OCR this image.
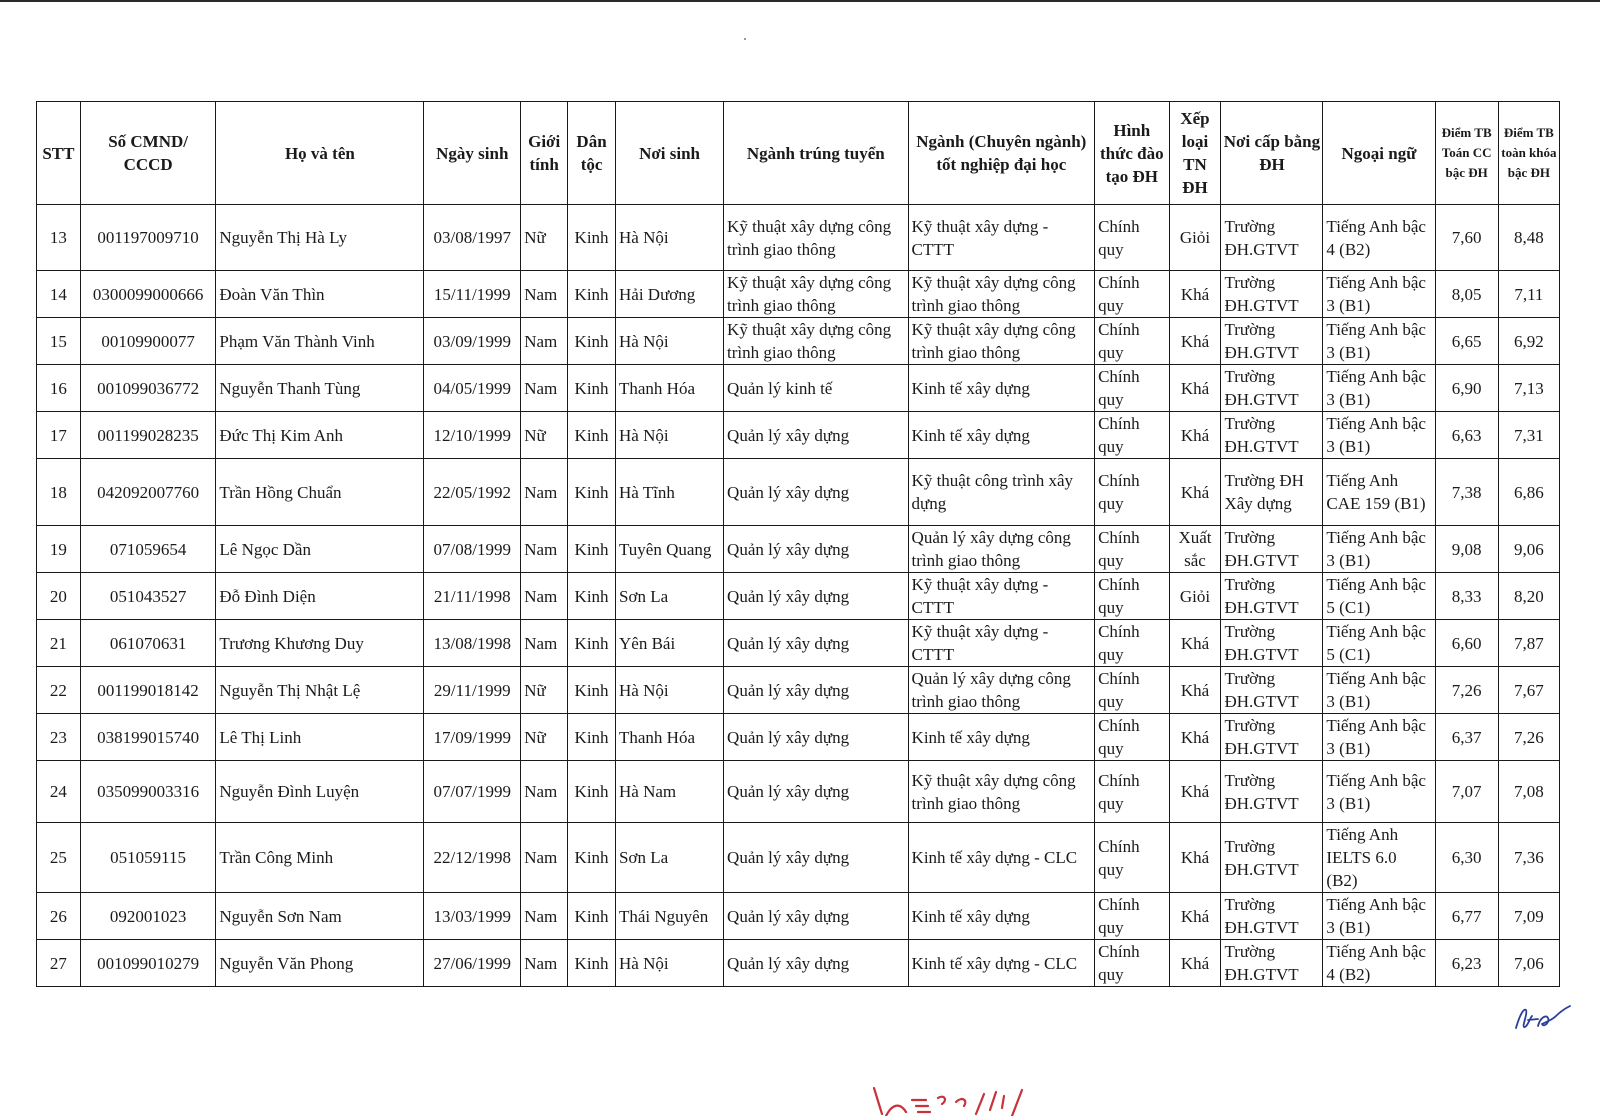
STT	Số CMND/ CCCD	Họ và tên	Ngày sinh	Giới tính	Dân tộc	Nơi sinh	Ngành trúng tuyển	Ngành (Chuyên ngành) tốt nghiệp đại học	Hình thức đào tạo ĐH	Xếp loại TN ĐH	Nơi cấp bằng ĐH	Ngoại ngữ	Điểm TB Toán CC bậc ĐH	Điểm TB toàn khóa bậc ĐH
13	001197009710	Nguyễn Thị Hà Ly	03/08/1997	Nữ	Kinh	Hà Nội	Kỹ thuật xây dựng công trình giao thông	Kỹ thuật xây dựng - CTTT	Chính quy	Giỏi	Trường ĐH.GTVT	Tiếng Anh bậc 4 (B2)	7,60	8,48
14	0300099000666	Đoàn Văn Thìn	15/11/1999	Nam	Kinh	Hải Dương	Kỹ thuật xây dựng công trình giao thông	Kỹ thuật xây dựng công trình giao thông	Chính quy	Khá	Trường ĐH.GTVT	Tiếng Anh bậc 3 (B1)	8,05	7,11
15	00109900077	Phạm Văn Thành Vinh	03/09/1999	Nam	Kinh	Hà Nội	Kỹ thuật xây dựng công trình giao thông	Kỹ thuật xây dựng công trình giao thông	Chính quy	Khá	Trường ĐH.GTVT	Tiếng Anh bậc 3 (B1)	6,65	6,92
16	001099036772	Nguyễn Thanh Tùng	04/05/1999	Nam	Kinh	Thanh Hóa	Quản lý kinh tế	Kinh tế xây dựng	Chính quy	Khá	Trường ĐH.GTVT	Tiếng Anh bậc 3 (B1)	6,90	7,13
17	001199028235	Đức Thị Kim Anh	12/10/1999	Nữ	Kinh	Hà Nội	Quản lý xây dựng	Kinh tế xây dựng	Chính quy	Khá	Trường ĐH.GTVT	Tiếng Anh bậc 3 (B1)	6,63	7,31
18	042092007760	Trần Hồng Chuẩn	22/05/1992	Nam	Kinh	Hà Tĩnh	Quản lý xây dựng	Kỹ thuật công trình xây dựng	Chính quy	Khá	Trường ĐH Xây dựng	Tiếng Anh CAE 159 (B1)	7,38	6,86
19	071059654	Lê Ngọc Dần	07/08/1999	Nam	Kinh	Tuyên Quang	Quản lý xây dựng	Quản lý xây dựng công trình giao thông	Chính quy	Xuất sắc	Trường ĐH.GTVT	Tiếng Anh bậc 3 (B1)	9,08	9,06
20	051043527	Đỗ Đình Diện	21/11/1998	Nam	Kinh	Sơn La	Quản lý xây dựng	Kỹ thuật xây dựng - CTTT	Chính quy	Giỏi	Trường ĐH.GTVT	Tiếng Anh bậc 5 (C1)	8,33	8,20
21	061070631	Trương Khương Duy	13/08/1998	Nam	Kinh	Yên Bái	Quản lý xây dựng	Kỹ thuật xây dựng - CTTT	Chính quy	Khá	Trường ĐH.GTVT	Tiếng Anh bậc 5 (C1)	6,60	7,87
22	001199018142	Nguyễn Thị Nhật Lệ	29/11/1999	Nữ	Kinh	Hà Nội	Quản lý xây dựng	Quản lý xây dựng công trình giao thông	Chính quy	Khá	Trường ĐH.GTVT	Tiếng Anh bậc 3 (B1)	7,26	7,67
23	038199015740	Lê Thị Linh	17/09/1999	Nữ	Kinh	Thanh Hóa	Quản lý xây dựng	Kinh tế xây dựng	Chính quy	Khá	Trường ĐH.GTVT	Tiếng Anh bậc 3 (B1)	6,37	7,26
24	035099003316	Nguyễn Đình Luyện	07/07/1999	Nam	Kinh	Hà Nam	Quản lý xây dựng	Kỹ thuật xây dựng công trình giao thông	Chính quy	Khá	Trường ĐH.GTVT	Tiếng Anh bậc 3 (B1)	7,07	7,08
25	051059115	Trần Công Minh	22/12/1998	Nam	Kinh	Sơn La	Quản lý xây dựng	Kinh tế xây dựng - CLC	Chính quy	Khá	Trường ĐH.GTVT	Tiếng Anh IELTS 6.0 (B2)	6,30	7,36
26	092001023	Nguyễn Sơn Nam	13/03/1999	Nam	Kinh	Thái Nguyên	Quản lý xây dựng	Kinh tế xây dựng	Chính quy	Khá	Trường ĐH.GTVT	Tiếng Anh bậc 3 (B1)	6,77	7,09
27	001099010279	Nguyễn Văn Phong	27/06/1999	Nam	Kinh	Hà Nội	Quản lý xây dựng	Kinh tế xây dựng - CLC	Chính quy	Khá	Trường ĐH.GTVT	Tiếng Anh bậc 4 (B2)	6,23	7,06
